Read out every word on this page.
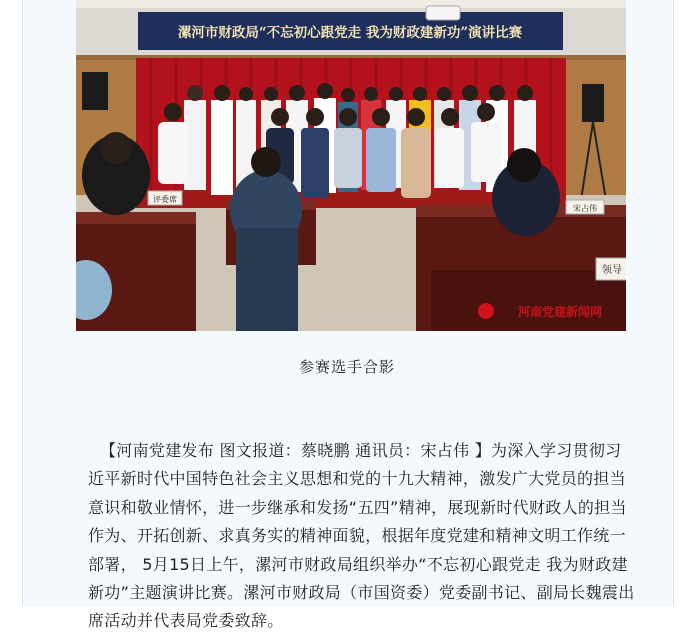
漯河市财政局“不忘初心跟党走 我为财政建新功”演讲比赛
评委席
宋占伟
领导
河南党建新闻网
参赛选手合影

【河南党建发布 图文报道：蔡晓鹏 通讯员：宋占伟 】为深入学习贯彻习近平新时代中国特色社会主义思想和党的十九大精神，激发广大党员的担当意识和敬业情怀，进一步继承和发扬“五四”精神，展现新时代财政人的担当作为、开拓创新、求真务实的精神面貌，根据年度党建和精神文明工作统一部署， 5月15日上午，漯河市财政局组织举办“不忘初心跟党走 我为财政建新功”主题演讲比赛。漯河市财政局（市国资委）党委副书记、副局长魏震出席活动并代表局党委致辞。
